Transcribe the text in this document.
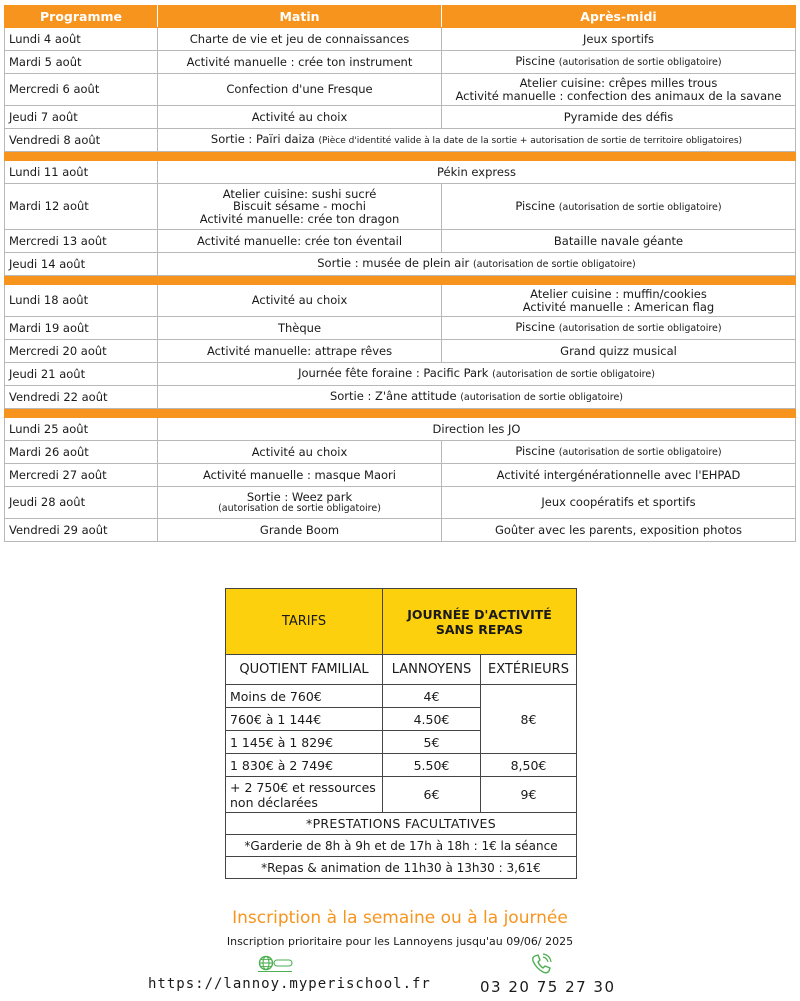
Programme	Matin	Après-midi
Lundi 4 août	Charte de vie et jeu de connaissances	Jeux sportifs
Mardi 5 août	Activité manuelle : crée ton instrument	Piscine (autorisation de sortie obligatoire)
Mercredi 6 août	Confection d'une Fresque	Atelier cuisine: crêpes milles trous
Activité manuelle : confection des animaux de la savane

Jeudi 7 août	Activité au choix	Pyramide des défis
Vendredi 8 août	Sortie : Païri daiza (Pièce d'identité valide à la date de la sortie + autorisation de sortie de territoire obligatoires)	

Lundi 11 août	Pékin express	
Mardi 12 août	Atelier cuisine: sushi sucré
Biscuit sésame - mochi
Activité manuelle: crée ton dragon	Piscine (autorisation de sortie obligatoire)
Mercredi 13 août	Activité manuelle: crée ton éventail	Bataille navale géante
Jeudi 14 août	Sortie : musée de plein air (autorisation de sortie obligatoire)	

Lundi 18 août	Activité au choix	Atelier cuisine : muffin/cookies
Activité manuelle : American flag

Mardi 19 août	Thèque	Piscine (autorisation de sortie obligatoire)
Mercredi 20 août	Activité manuelle: attrape rêves	Grand quizz musical
Jeudi 21 août	Journée fête foraine : Pacific Park (autorisation de sortie obligatoire)	
Vendredi 22 août	Sortie : Z'âne attitude (autorisation de sortie obligatoire)	

Lundi 25 août	Direction les JO	
Mardi 26 août	Activité au choix	Piscine (autorisation de sortie obligatoire)
Mercredi 27 août	Activité manuelle : masque Maori	Activité intergénérationnelle avec l'EHPAD
Jeudi 28 août	Sortie : Weez park
(autorisation de sortie obligatoire)	Jeux coopératifs et sportifs
Vendredi 29 août	Grande Boom	Goûter avec les parents, exposition photos
TARIFS	JOURNÉE D'ACTIVITÉ
SANS REPAS	

QUOTIENT FAMILIAL	LANNOYENS	EXTÉRIEURS
Moins de 760€	4€	8€
760€ à 1 144€	4.50€	
1 145€ à 1 829€	5€	
1 830€ à 2 749€	5.50€	8,50€

+ 2 750€ et ressources
non déclarées	6€	9€
*PRESTATIONS FACULTATIVES		
*Garderie de 8h à 9h et de 17h à 18h : 1€ la séance		
*Repas & animation de 11h30 à 13h30 : 3,61€		
Inscription à la semaine ou à la journée
Inscription prioritaire pour les Lannoyens jusqu'au 09/06/ 2025
https://lannoy.myperischool.fr	03 20 75 27 30
